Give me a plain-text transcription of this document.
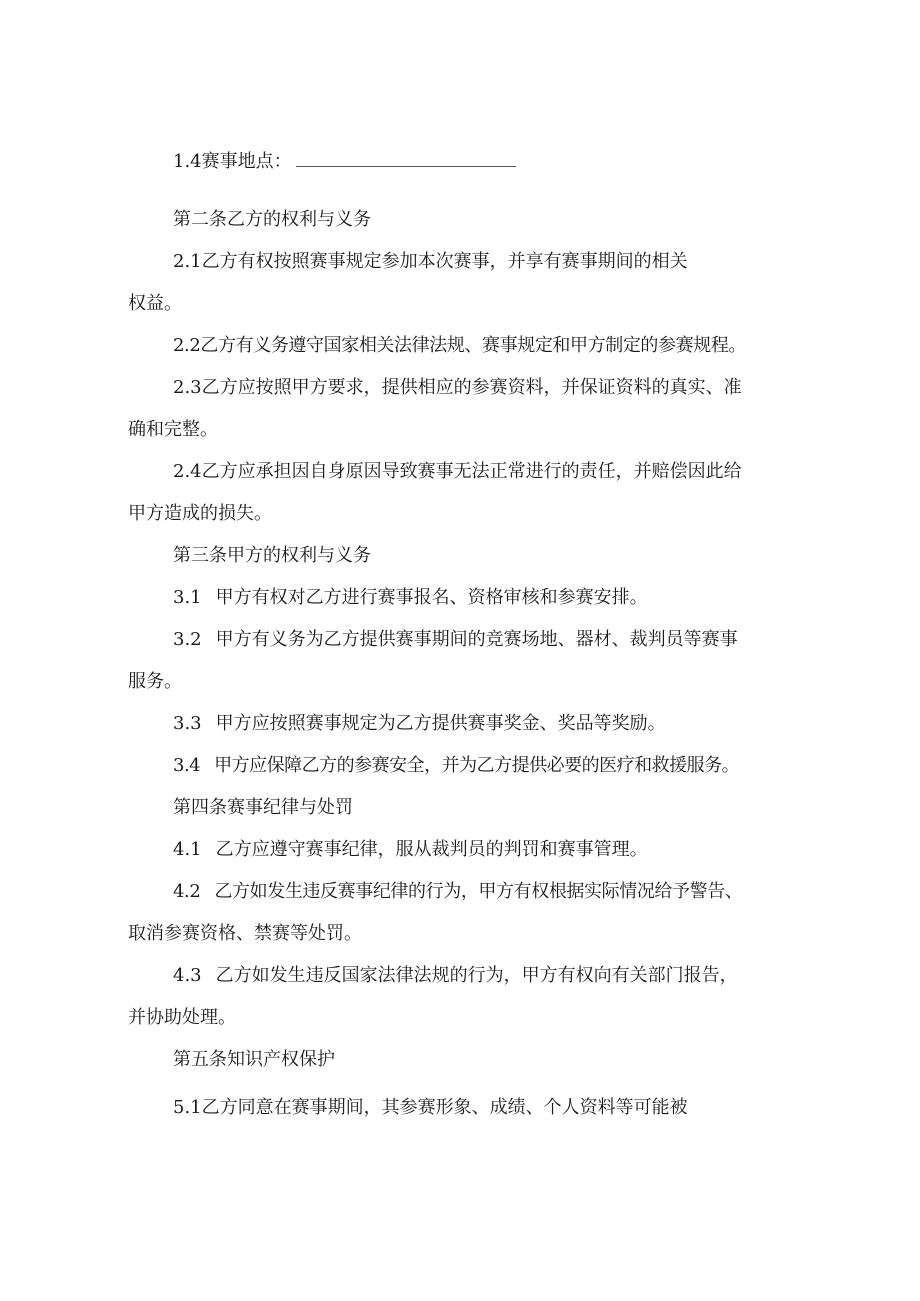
1.4赛事地点：
第二条乙方的权利与义务
2.1乙方有权按照赛事规定参加本次赛事，并享有赛事期间的相关
权益。
2.2乙方有义务遵守国家相关法律法规、赛事规定和甲方制定的参赛规程。
2.3乙方应按照甲方要求，提供相应的参赛资料，并保证资料的真实、准
确和完整。
2.4乙方应承担因自身原因导致赛事无法正常进行的责任，并赔偿因此给
甲方造成的损失。
第三条甲方的权利与义务
3.1 甲方有权对乙方进行赛事报名、资格审核和参赛安排。
3.2 甲方有义务为乙方提供赛事期间的竞赛场地、器材、裁判员等赛事
服务。
3.3 甲方应按照赛事规定为乙方提供赛事奖金、奖品等奖励。
3.4 甲方应保障乙方的参赛安全，并为乙方提供必要的医疗和救援服务。
第四条赛事纪律与处罚
4.1 乙方应遵守赛事纪律，服从裁判员的判罚和赛事管理。
4.2 乙方如发生违反赛事纪律的行为，甲方有权根据实际情况给予警告、
取消参赛资格、禁赛等处罚。
4.3 乙方如发生违反国家法律法规的行为，甲方有权向有关部门报告，
并协助处理。
第五条知识产权保护
5.1乙方同意在赛事期间，其参赛形象、成绩、个人资料等可能被
